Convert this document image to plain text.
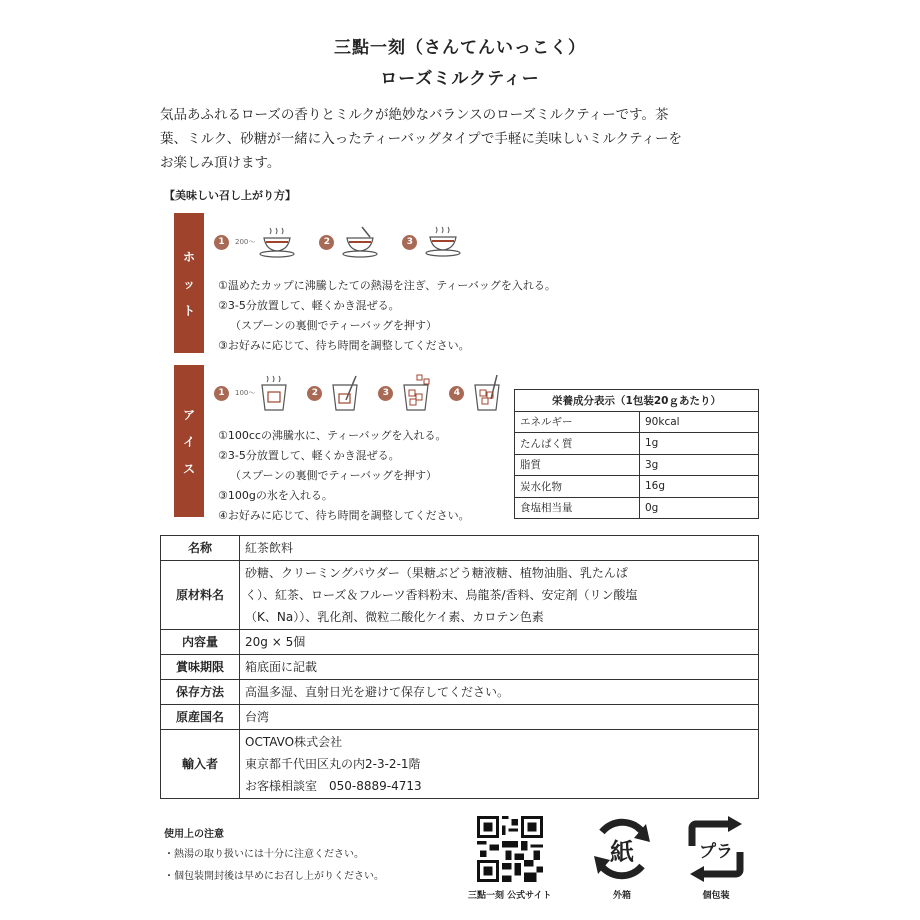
三點一刻（さんてんいっこく）
ローズミルクティー
気品あふれるローズの香りとミルクが絶妙なバランスのローズミルクティーです。茶
葉、ミルク、砂糖が一緒に入ったティーバッグタイプで手軽に美味しいミルクティーを
お楽しみ頂けます。
【美味しい召し上がり方】
ホ
ッ
ト
1	200～	2	3
①温めたカップに沸騰したての熱湯を注ぎ、ティーバッグを入れる。
②3-5分放置して、軽くかき混ぜる。
（スプーンの裏側でティーバッグを押す）
③お好みに応じて、待ち時間を調整してください。
ア
イ
ス
1	100～	2	3	4
①100ccの沸騰水に、ティーバッグを入れる。
②3-5分放置して、軽くかき混ぜる。
（スプーンの裏側でティーバッグを押す）
③100gの氷を入れる。
④お好みに応じて、待ち時間を調整してください。
栄養成分表示（1包装20ｇあたり）	
エネルギー	90kcal
たんぱく質	1g
脂質	3g
炭水化物	16g
食塩相当量	0g
名称	紅茶飲料
原材料名	砂糖、クリーミングパウダー（果糖ぶどう糖液糖、植物油脂、乳たんぱ
く）、紅茶、ローズ＆フルーツ香料粉末、烏龍茶/香料、安定剤（リン酸塩
（K、Na））、乳化剤、微粒二酸化ケイ素、カロテン色素

内容量	20g × 5個
賞味期限	箱底面に記載
保存方法	高温多湿、直射日光を避けて保存してください。
原産国名	台湾
輸入者	OCTAVO株式会社
東京都千代田区丸の内2-3-2-1階
お客様相談室　050-8889-4713
使用上の注意
・熱湯の取り扱いには十分に注意ください。
・個包装開封後は早めにお召し上がりください。
三點一刻 公式サイト
紙
外箱
プラ
個包装
